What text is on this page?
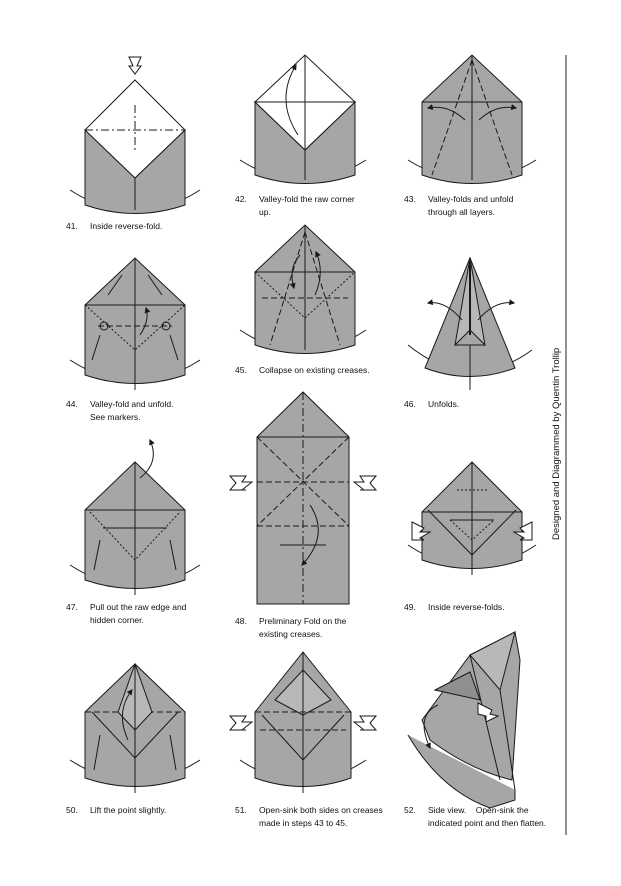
41. Inside reverse-fold.
42. Valley-fold the raw corner
up.
43. Valley-folds and unfold
through all layers.
44. Valley-fold and unfold.
See markers.
45. Collapse on existing creases.
46. Unfolds.
47. Pull out the raw edge and
hidden corner.	48. Preliminary Fold on the
existing creases.
49. Inside reverse-folds.
50. Lift the point slightly.	51. Open-sink both sides on creases
made in steps 43 to 45.
52. Side view.    Open-sink the
indicated point and then flatten.
Designed and Diagrammed by Quentin Trollip
